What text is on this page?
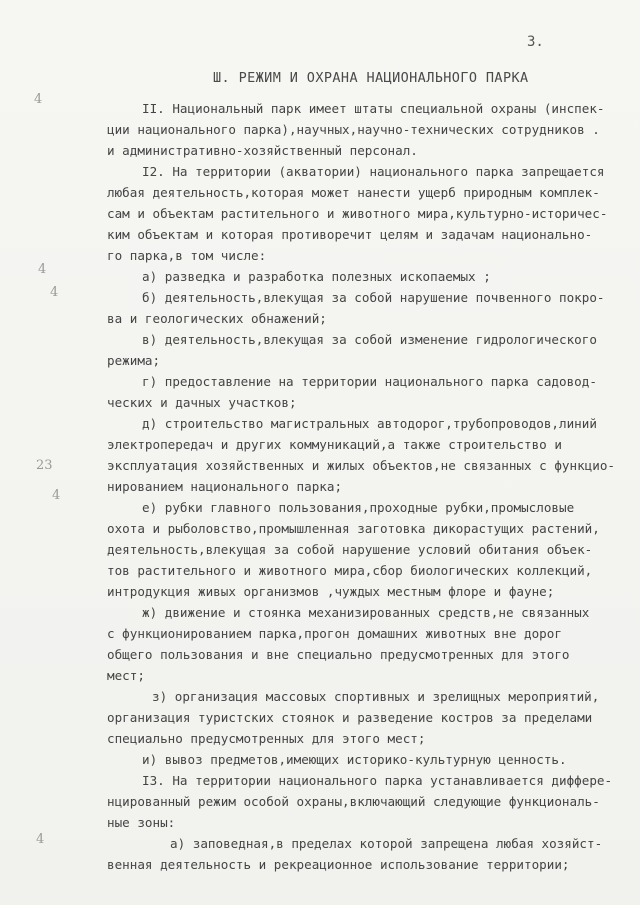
3.
Ш. РЕЖИМ И ОХРАНА НАЦИОНАЛЬНОГО ПАРКА
II. Национальный парк имеет штаты специальной охраны (инспек-
ции национального парка),научных,научно-технических сотрудников .
и административно-хозяйственный персонал.
I2. На территории (акватории) национального парка запрещается
любая деятельность,которая может нанести ущерб природным комплек-
сам и объектам растительного и животного мира,культурно-историчес-
ким объектам и которая противоречит целям и задачам национально-
го парка,в том числе:
а) разведка и разработка полезных ископаемых ;
б) деятельность,влекущая за собой нарушение почвенного покро-
ва и геологических обнажений;
в) деятельность,влекущая за собой изменение гидрологического
режима;
г) предоставление на территории национального парка садовод-
ческих и дачных участков;
д) строительство магистральных автодорог,трубопроводов,линий
электропередач и других коммуникаций,а также строительство и
эксплуатация хозяйственных и жилых объектов,не связанных с функцио-
нированием национального парка;
е) рубки главного пользования,проходные рубки,промысловые
охота и рыболовство,промышленная заготовка дикорастущих растений,
деятельность,влекущая за собой нарушение условий обитания объек-
тов растительного и животного мира,сбор биологических коллекций,
интродукция живых организмов ,чуждых местным флоре и фауне;
ж) движение и стоянка механизированных средств,не связанных
с функционированием парка,прогон домашних животных вне дорог
общего пользования и вне специально предусмотренных для этого
мест;
з) организация массовых спортивных и зрелищных мероприятий,
организация туристских стоянок и разведение костров за пределами
специально предусмотренных для этого мест;
и) вывоз предметов,имеющих историко-культурную ценность.
I3. На территории национального парка устанавливается диффере-
нцированный режим особой охраны,включающий следующие функциональ-
ные зоны:
а) заповедная,в пределах которой запрещена любая хозяйст-
венная деятельность и рекреационное использование территории;
4
4
4
23
4
4
